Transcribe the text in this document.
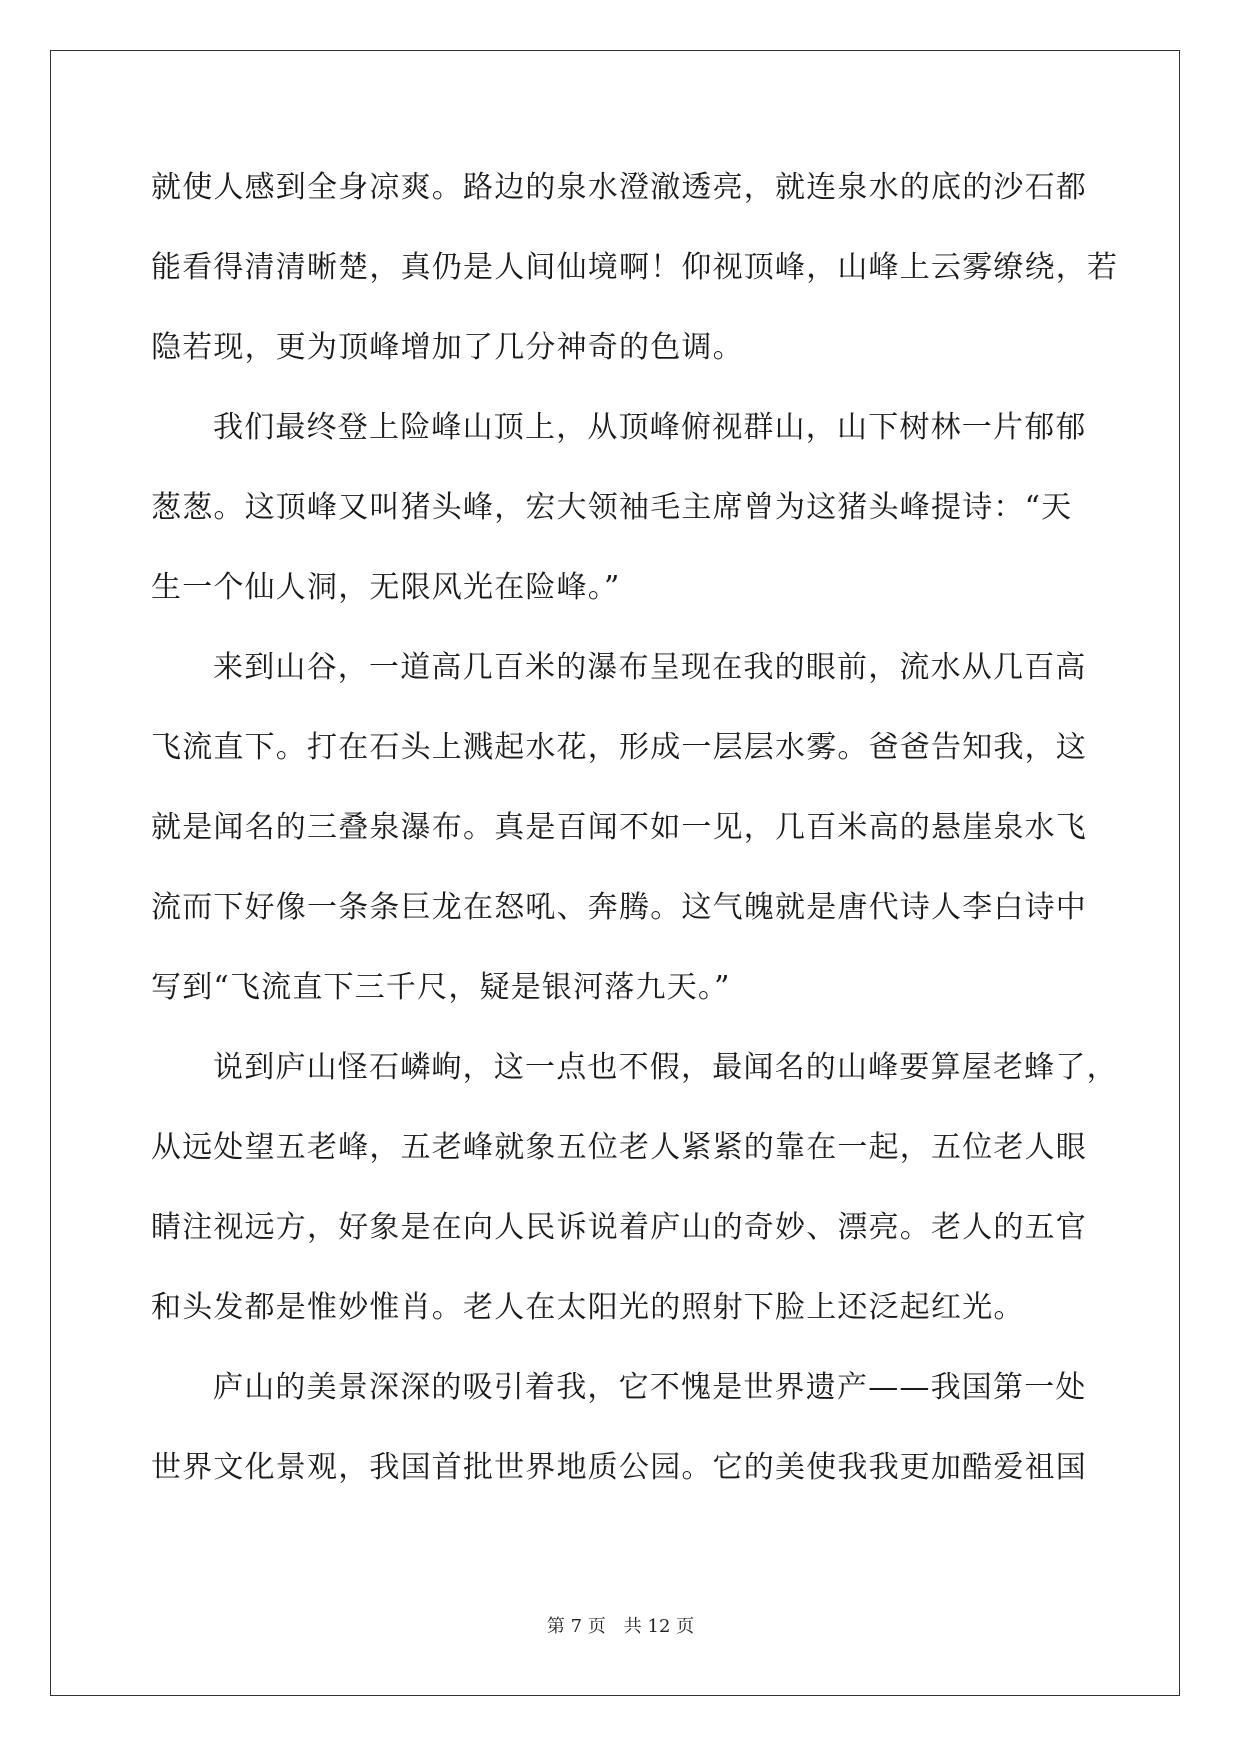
就使人感到全身凉爽。路边的泉水澄澈透亮，就连泉水的底的沙石都
能看得清清晰楚，真仍是人间仙境啊！仰视顶峰，山峰上云雾缭绕，若
隐若现，更为顶峰增加了几分神奇的色调。
我们最终登上险峰山顶上，从顶峰俯视群山，山下树林一片郁郁
葱葱。这顶峰又叫猪头峰，宏大领袖毛主席曾为这猪头峰提诗：“天
生一个仙人洞，无限风光在险峰。”
来到山谷，一道高几百米的瀑布呈现在我的眼前，流水从几百高
飞流直下。打在石头上溅起水花，形成一层层水雾。爸爸告知我，这
就是闻名的三叠泉瀑布。真是百闻不如一见，几百米高的悬崖泉水飞
流而下好像一条条巨龙在怒吼、奔腾。这气魄就是唐代诗人李白诗中
写到“飞流直下三千尺，疑是银河落九天。”
说到庐山怪石嶙峋，这一点也不假，最闻名的山峰要算屋老蜂了，
从远处望五老峰，五老峰就象五位老人紧紧的靠在一起，五位老人眼
睛注视远方，好象是在向人民诉说着庐山的奇妙、漂亮。老人的五官
和头发都是惟妙惟肖。老人在太阳光的照射下脸上还泛起红光。
庐山的美景深深的吸引着我，它不愧是世界遗产——我国第一处
世界文化景观，我国首批世界地质公园。它的美使我我更加酷爱祖国
第 7 页　共 12 页
